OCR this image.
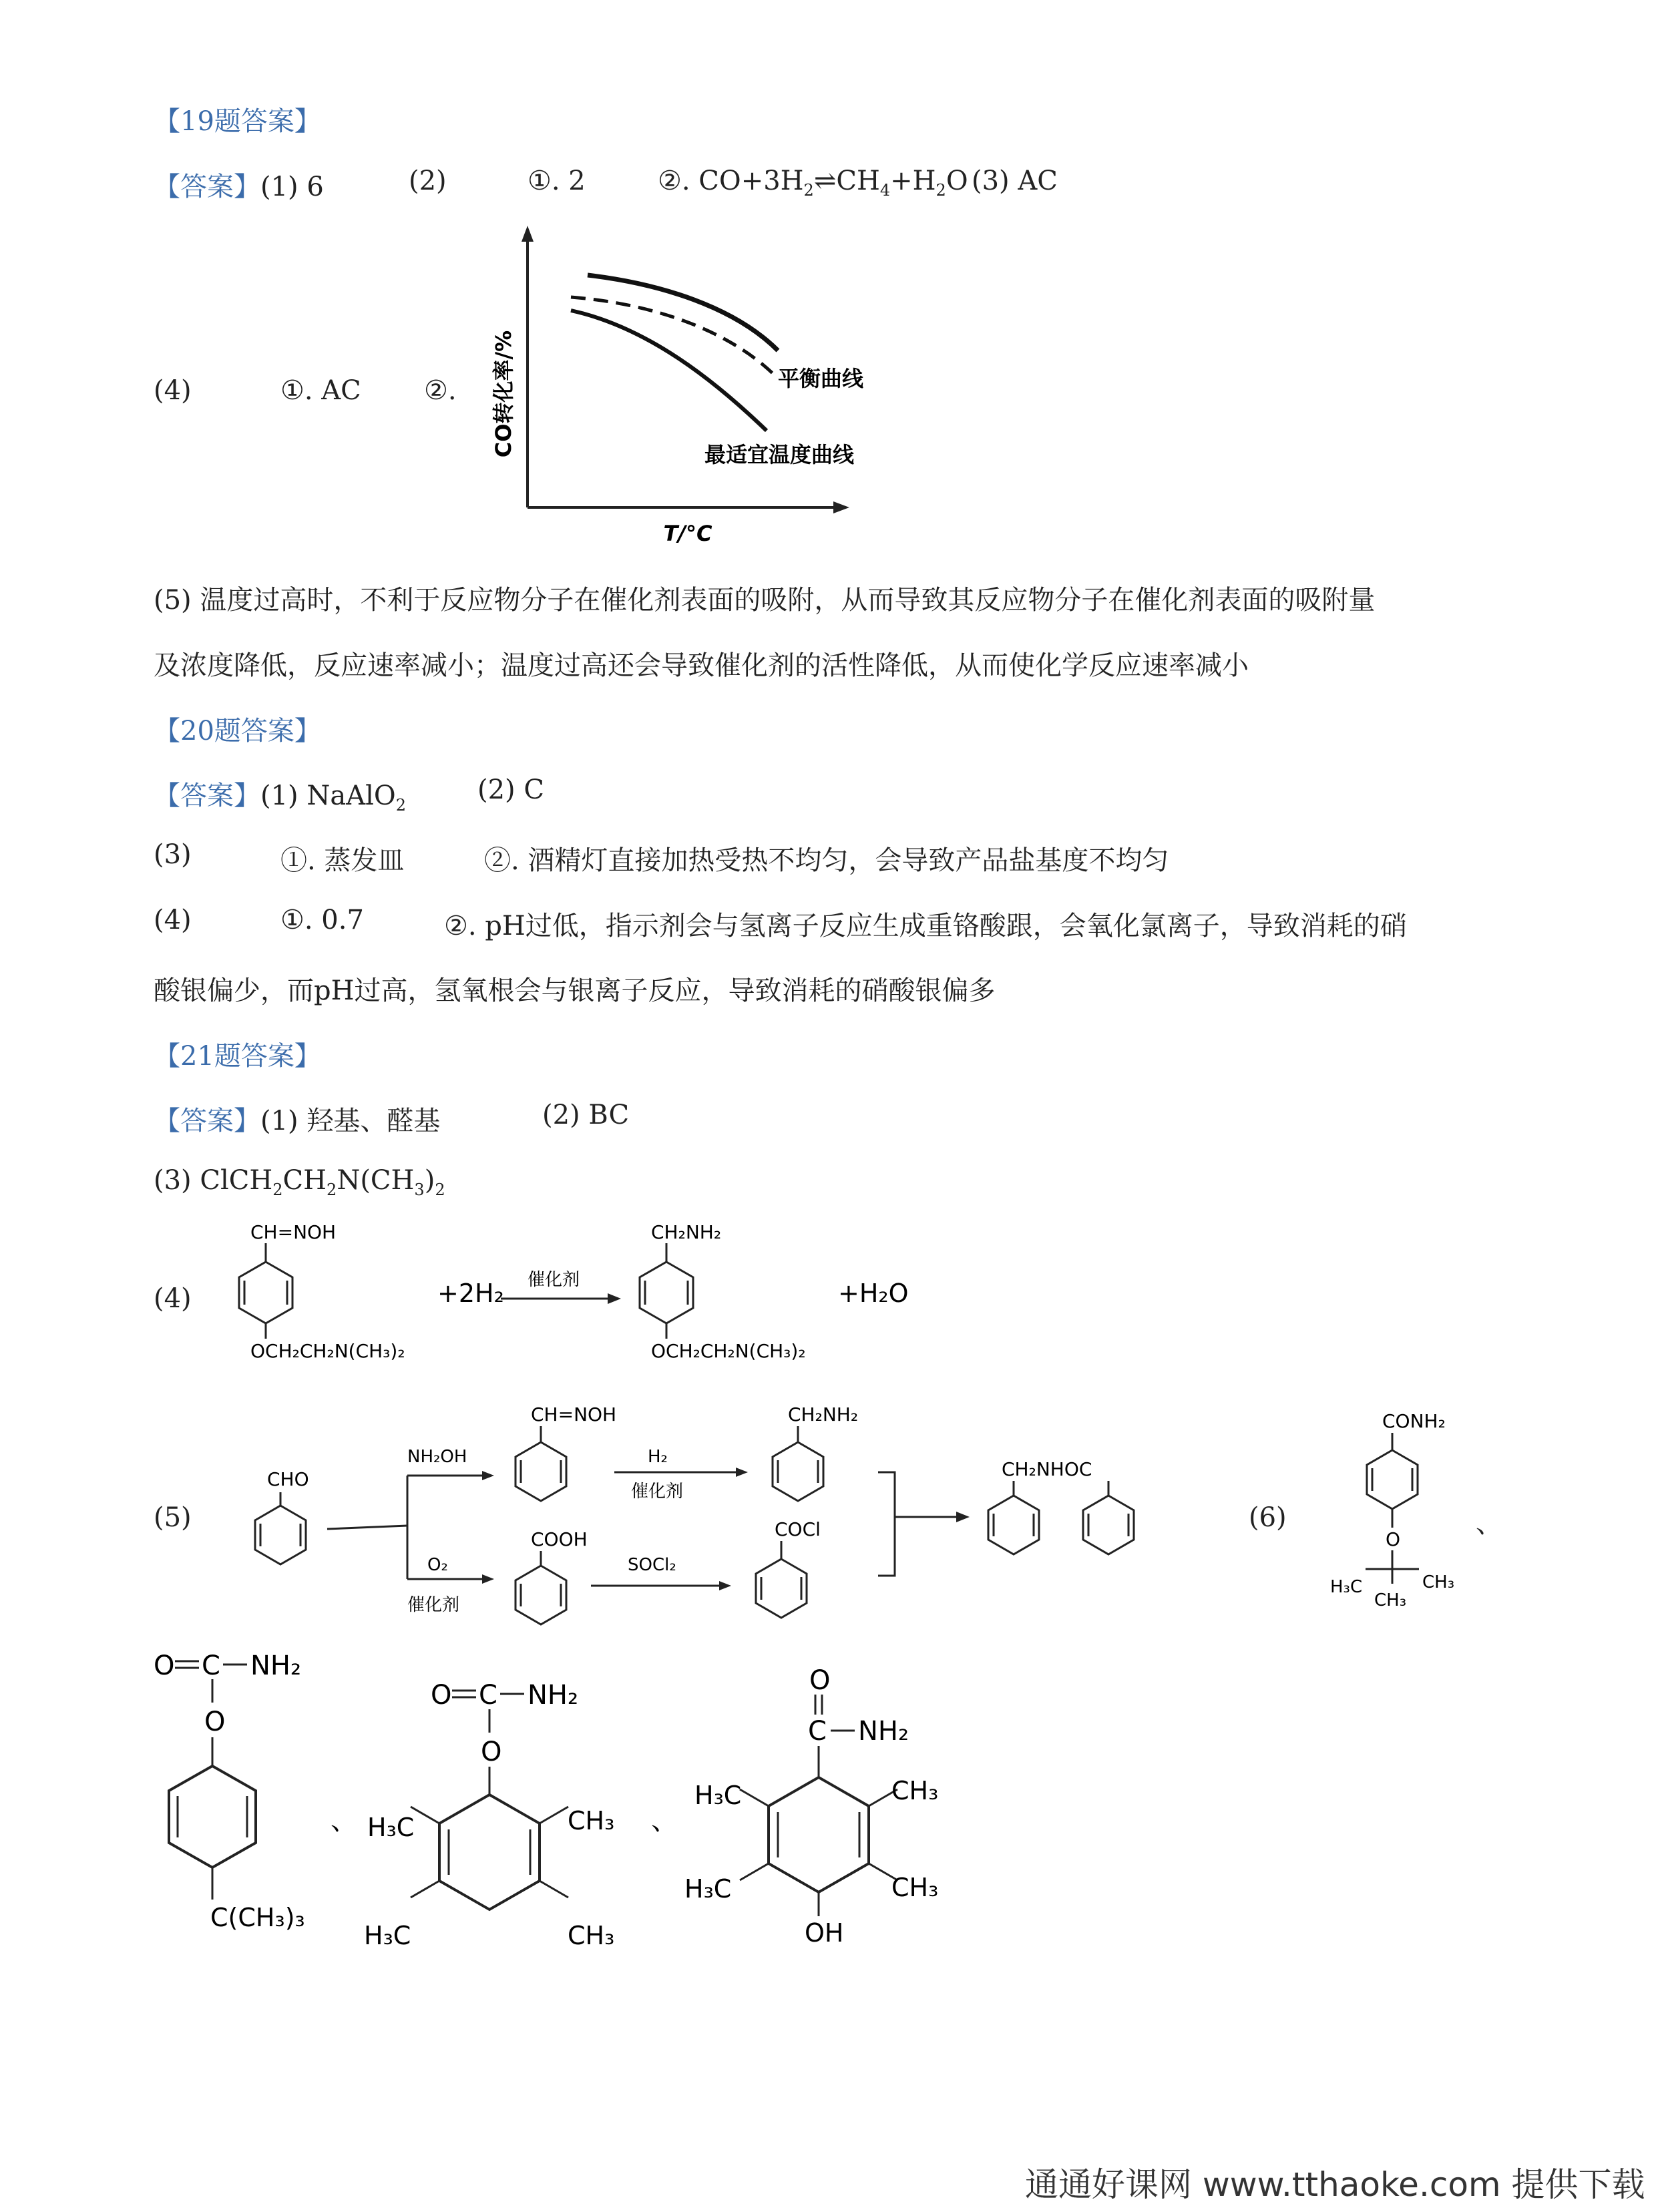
【19题答案】
【答案】(1) 6	(2)	①. 2	②. $CO+3H_2\rightleftharpoons CH_4+H_2O$ (3) AC
(4)	①. AC ②. CO转化率/%
T/°C
平衡曲线
最适宜温度曲线
(5) 温度过高时，不利于反应物分子在催化剂表面的吸附，从而导致其反应物分子在催化剂表面的吸附量
及浓度降低，反应速率减小；温度过高还会导致催化剂的活性降低，从而使化学反应速率减小
【20题答案】
【答案】(1) NaAlO$_2$	(2) C
(3)	①. 蒸发皿	②. 酒精灯直接加热受热不均匀，会导致产品盐基度不均匀
(4)	①. 0.7	②. pH过低，指示剂会与氢离子反应生成重铬酸跟，会氧化氯离子，导致消耗的硝
酸银偏少，而pH过高，氢氧根会与银离子反应，导致消耗的硝酸银偏多
【21题答案】
【答案】(1) 羟基、醛基	(2) BC
(3) $ClCH_2CH_2N(CH_3)_2$
(4)
CH=NOH
OCH₂CH₂N(CH₃)₂
+2H₂ 催化剂
CH₂NH₂
OCH₂CH₂N(CH₃)₂
+H₂O
(5)
CHO
NH₂OH
O₂
催化剂
CH=NOH
H₂
催化剂
CH₂NH₂
COOH
SOCl₂
COCl
CH₂NHOC
(6)
CONH₂
O
H₃C	CH₃
CH₃
、
O C NH₂
O
C(CH₃)₃
、
O C NH₂
O
H₃C	CH₃
H₃C	CH₃
、
O
C NH₂
H₃C	CH₃
H₃C	CH₃
OH
通通好课网 www.tthaoke.com 提供下载
